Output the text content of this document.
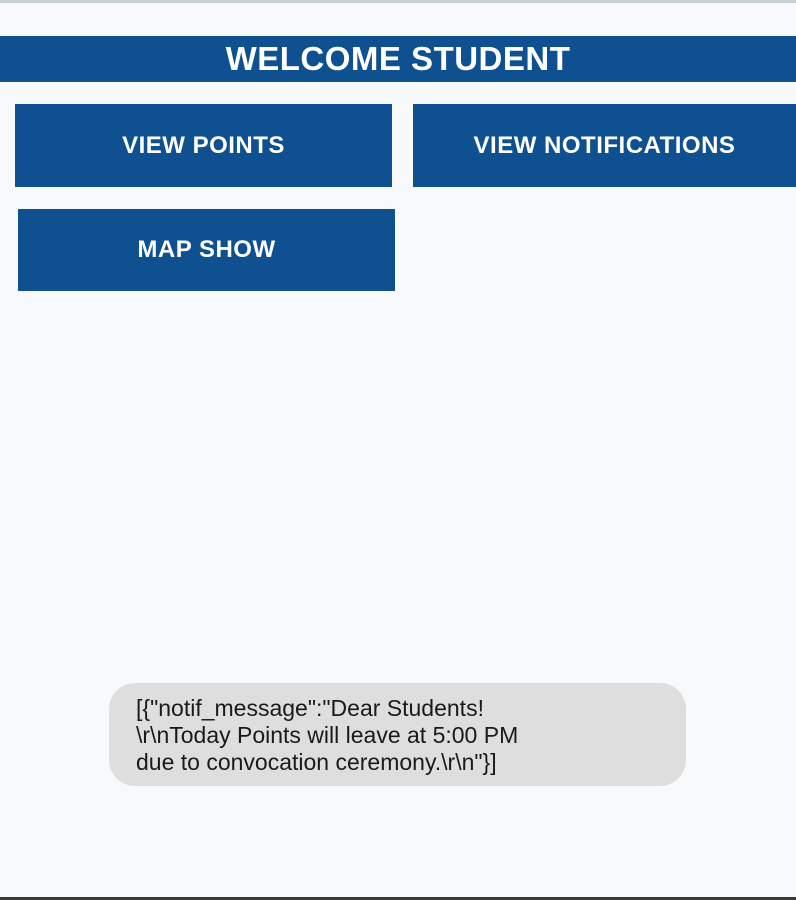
WELCOME STUDENT
VIEW POINTS	VIEW NOTIFICATIONS
MAP SHOW

[{"notif_message":"Dear Students!
\r\nToday Points will leave at 5:00 PM
due to convocation ceremony.\r\n"}]
